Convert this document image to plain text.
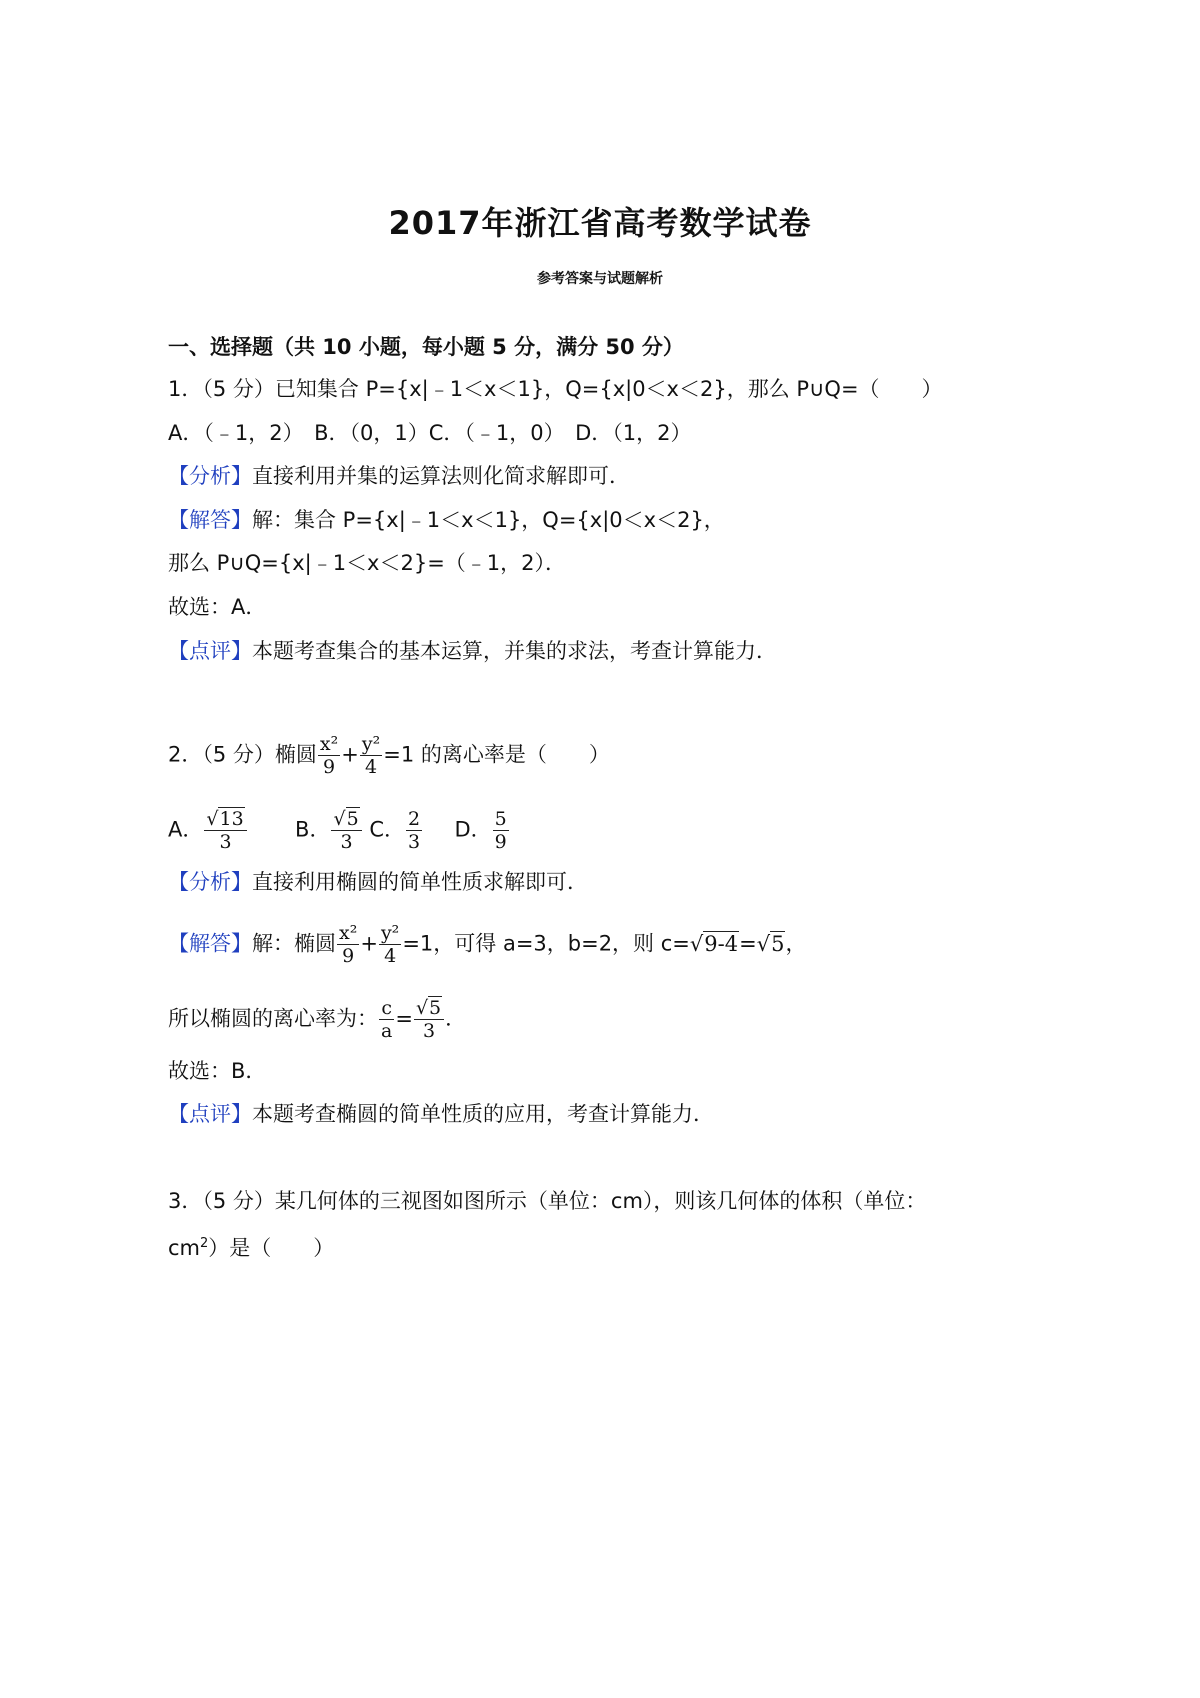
2017年浙江省高考数学试卷
参考答案与试题解析
一、选择题（共 10 小题，每小题 5 分，满分 50 分）
1．（5 分）已知集合 P={x|﹣1＜x＜1}，Q={x|0＜x＜2}，那么 P∪Q=（　　）
A．（﹣1，2）　B．（0，1）C．（﹣1，0）　D．（1，2）
【分析】直接利用并集的运算法则化简求解即可．
【解答】解：集合 P={x|﹣1＜x＜1}，Q={x|0＜x＜2}，
那么 P∪Q={x|﹣1＜x＜2}=（﹣1，2）．
故选：A．
【点评】本题考查集合的基本运算，并集的求法，考查计算能力．
2．（5 分）椭圆 $\frac{\text{x²}}{9} + \frac{\text{y²}}{4} =1$ 的离心率是（　　）
A． $\frac{√13}{3}$ B． $\frac{√5}{3}$ C． $\frac{2}{3}$ D． $\frac{5}{9}$
【分析】直接利用椭圆的简单性质求解即可．
【解答】解：椭圆 $\frac{\text{x²}}{9} + \frac{\text{y²}}{4} =1$，可得 a=3，b=2，则 c=√9-4=√5，
所以椭圆的离心率为： $\frac{c}{a} = \frac{√5}{3}$ ．
故选：B．
【点评】本题考查椭圆的简单性质的应用，考查计算能力．
3．（5 分）某几何体的三视图如图所示（单位：cm），则该几何体的体积（单位：
$cm^2$）是（　　）
